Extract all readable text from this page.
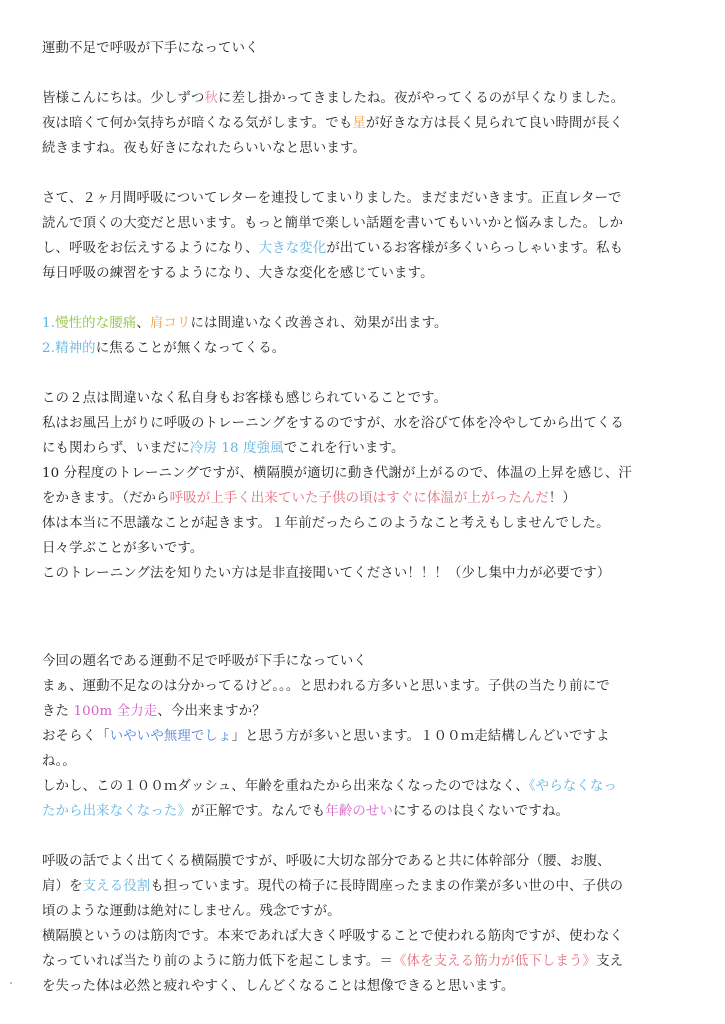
運動不足で呼吸が下手になっていく
皆様こんにちは。少しずつ秋に差し掛かってきましたね。夜がやってくるのが早くなりました。
夜は暗くて何か気持ちが暗くなる気がします。でも星が好きな方は長く見られて良い時間が長く
続きますね。夜も好きになれたらいいなと思います。
さて、２ヶ月間呼吸についてレターを連投してまいりました。まだまだいきます。正直レターで
読んで頂くの大変だと思います。もっと簡単で楽しい話題を書いてもいいかと悩みました。しか
し、呼吸をお伝えするようになり、大きな変化が出ているお客様が多くいらっしゃいます。私も
毎日呼吸の練習をするようになり、大きな変化を感じています。
1.慢性的な腰痛、肩コリには間違いなく改善され、効果が出ます。
2.精神的に焦ることが無くなってくる。
この２点は間違いなく私自身もお客様も感じられていることです。
私はお風呂上がりに呼吸のトレーニングをするのですが、水を浴びて体を冷やしてから出てくる
にも関わらず、いまだに冷房 18 度強風でこれを行います。
10 分程度のトレーニングですが、横隔膜が適切に動き代謝が上がるので、体温の上昇を感じ、汗
をかきます。（だから呼吸が上手く出来ていた子供の頃はすぐに体温が上がったんだ！）
体は本当に不思議なことが起きます。１年前だったらこのようなこと考えもしませんでした。
日々学ぶことが多いです。
このトレーニング法を知りたい方は是非直接聞いてください！！！（少し集中力が必要です）
今回の題名である運動不足で呼吸が下手になっていく
まぁ、運動不足なのは分かってるけど。。。と思われる方多いと思います。子供の当たり前にで
きた 100m 全力走、今出来ますか？
おそらく「いやいや無理でしょ」と思う方が多いと思います。１００ｍ走結構しんどいですよ
ね。。
しかし、この１００ｍダッシュ、年齢を重ねたから出来なくなったのではなく、《やらなくなっ
たから出来なくなった》が正解です。なんでも年齢のせいにするのは良くないですね。
呼吸の話でよく出てくる横隔膜ですが、呼吸に大切な部分であると共に体幹部分（腰、お腹、
肩）を支える役割も担っています。現代の椅子に長時間座ったままの作業が多い世の中、子供の
頃のような運動は絶対にしません。残念ですが。
横隔膜というのは筋肉です。本来であれば大きく呼吸することで使われる筋肉ですが、使わなく
なっていれば当たり前のように筋力低下を起こします。＝《体を支える筋力が低下しまう》支え
を失った体は必然と疲れやすく、しんどくなることは想像できると思います。
